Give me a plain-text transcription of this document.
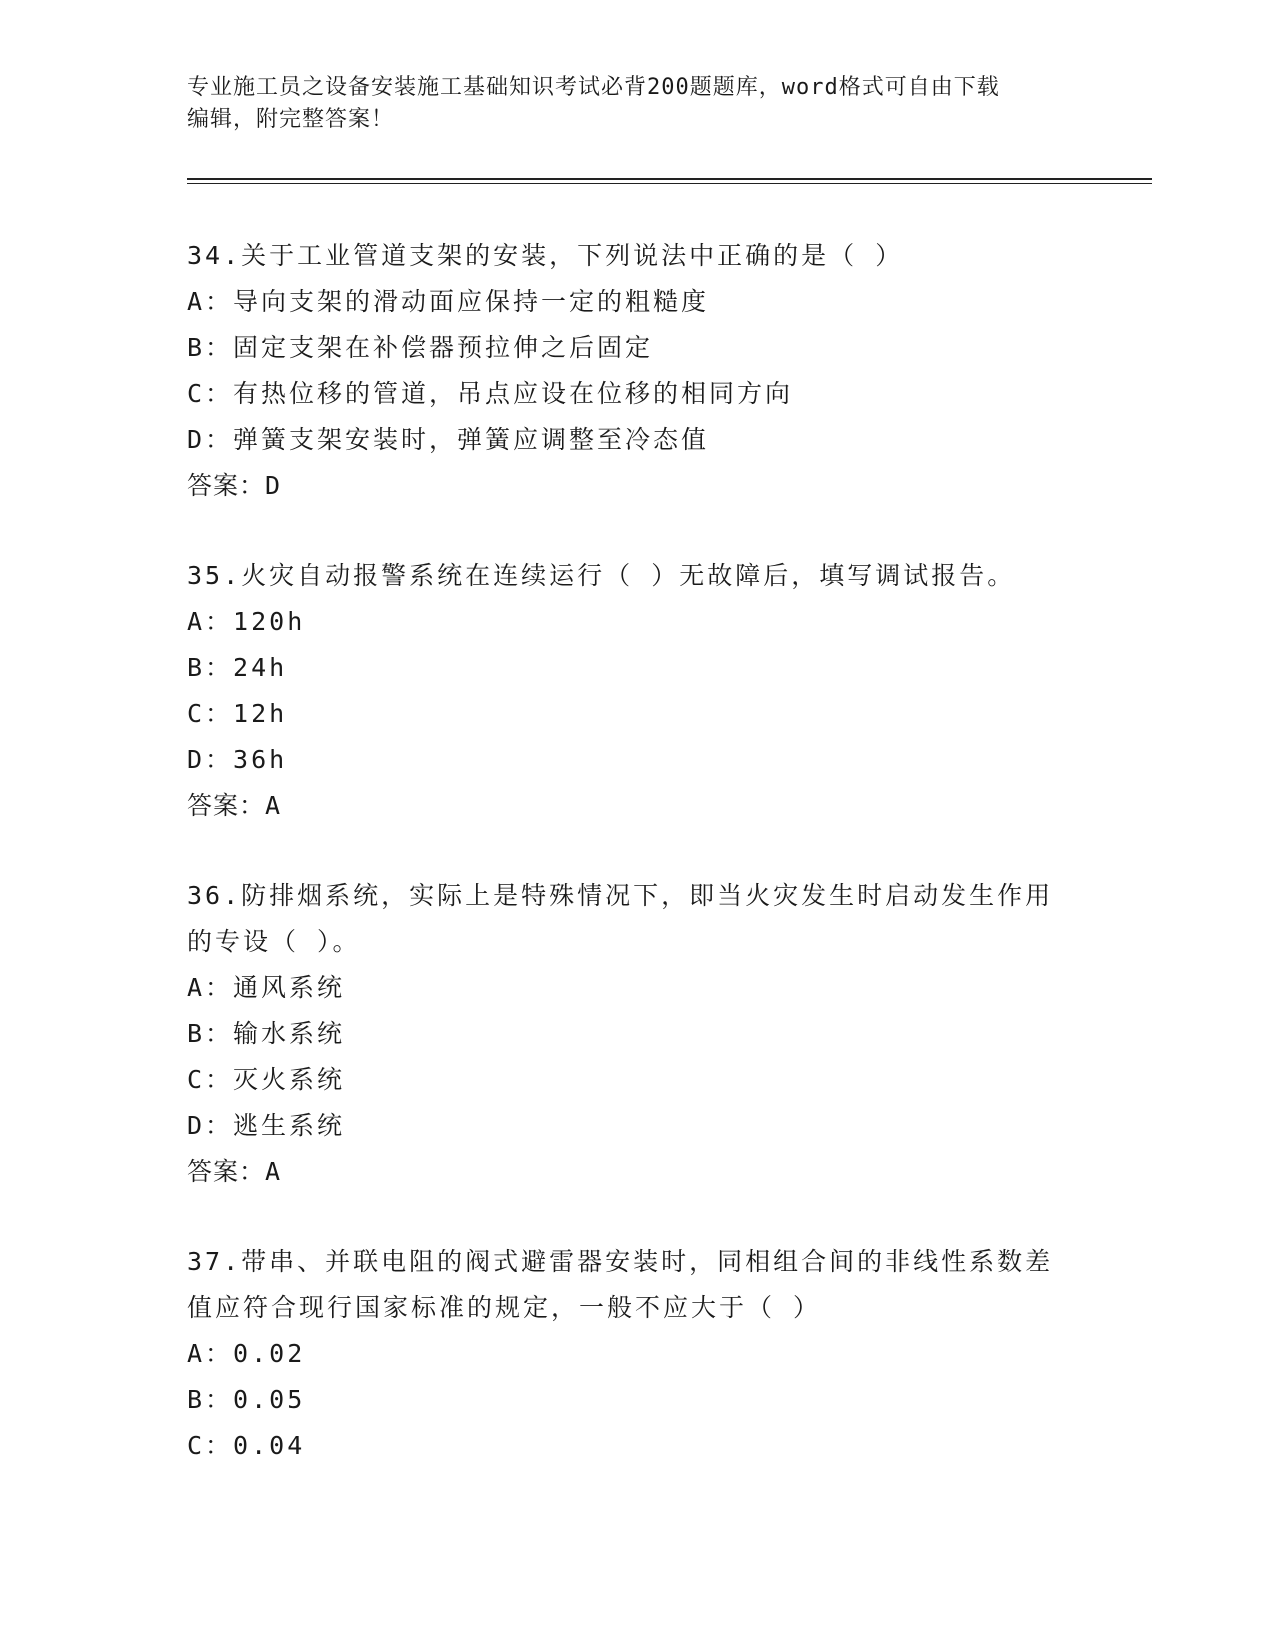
专业施工员之设备安装施工基础知识考试必背200题题库，word格式可自由下载
编辑，附完整答案！
34.关于工业管道支架的安装，下列说法中正确的是（ ）
A：导向支架的滑动面应保持一定的粗糙度
B：固定支架在补偿器预拉伸之后固定
C：有热位移的管道，吊点应设在位移的相同方向
D：弹簧支架安装时，弹簧应调整至冷态值
答案：D
35.火灾自动报警系统在连续运行（ ）无故障后，填写调试报告。
A：120h
B：24h
C：12h
D：36h
答案：A
36.防排烟系统，实际上是特殊情况下，即当火灾发生时启动发生作用
的专设（ ）。
A：通风系统
B：输水系统
C：灭火系统
D：逃生系统
答案：A
37.带串、并联电阻的阀式避雷器安装时，同相组合间的非线性系数差
值应符合现行国家标准的规定，一般不应大于（ ）
A：0.02
B：0.05
C：0.04
